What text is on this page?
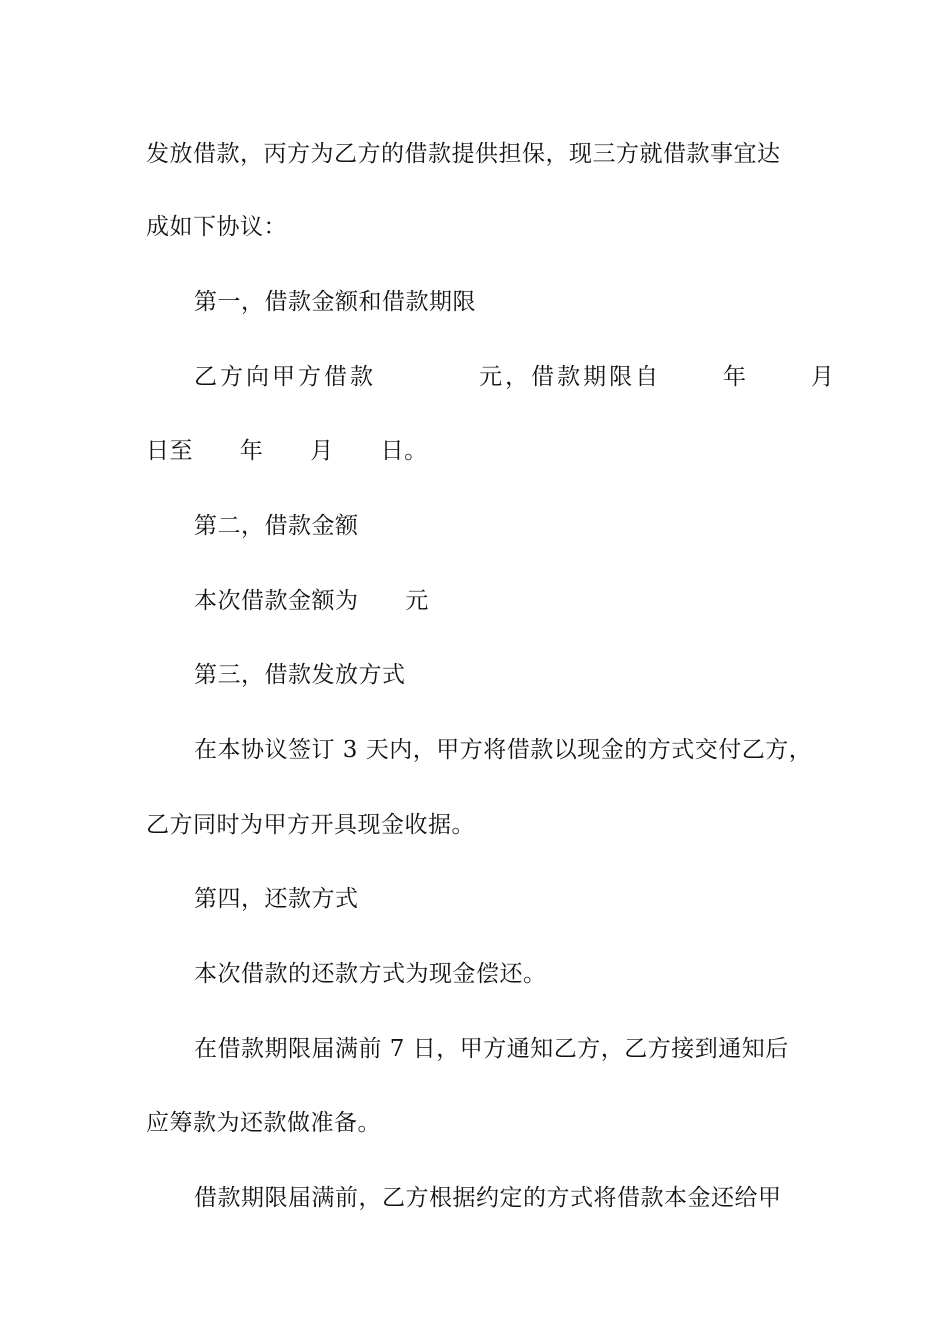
发放借款，丙方为乙方的借款提供担保，现三方就借款事宜达
成如下协议：
第一，借款金额和借款期限
乙方向甲方借款          元，借款期限自      年      月
日至      年      月      日。
第二，借款金额
本次借款金额为      元
第三，借款发放方式
在本协议签订 3 天内，甲方将借款以现金的方式交付乙方，
乙方同时为甲方开具现金收据。
第四，还款方式
本次借款的还款方式为现金偿还。
在借款期限届满前 7 日，甲方通知乙方，乙方接到通知后
应筹款为还款做准备。
借款期限届满前，乙方根据约定的方式将借款本金还给甲
